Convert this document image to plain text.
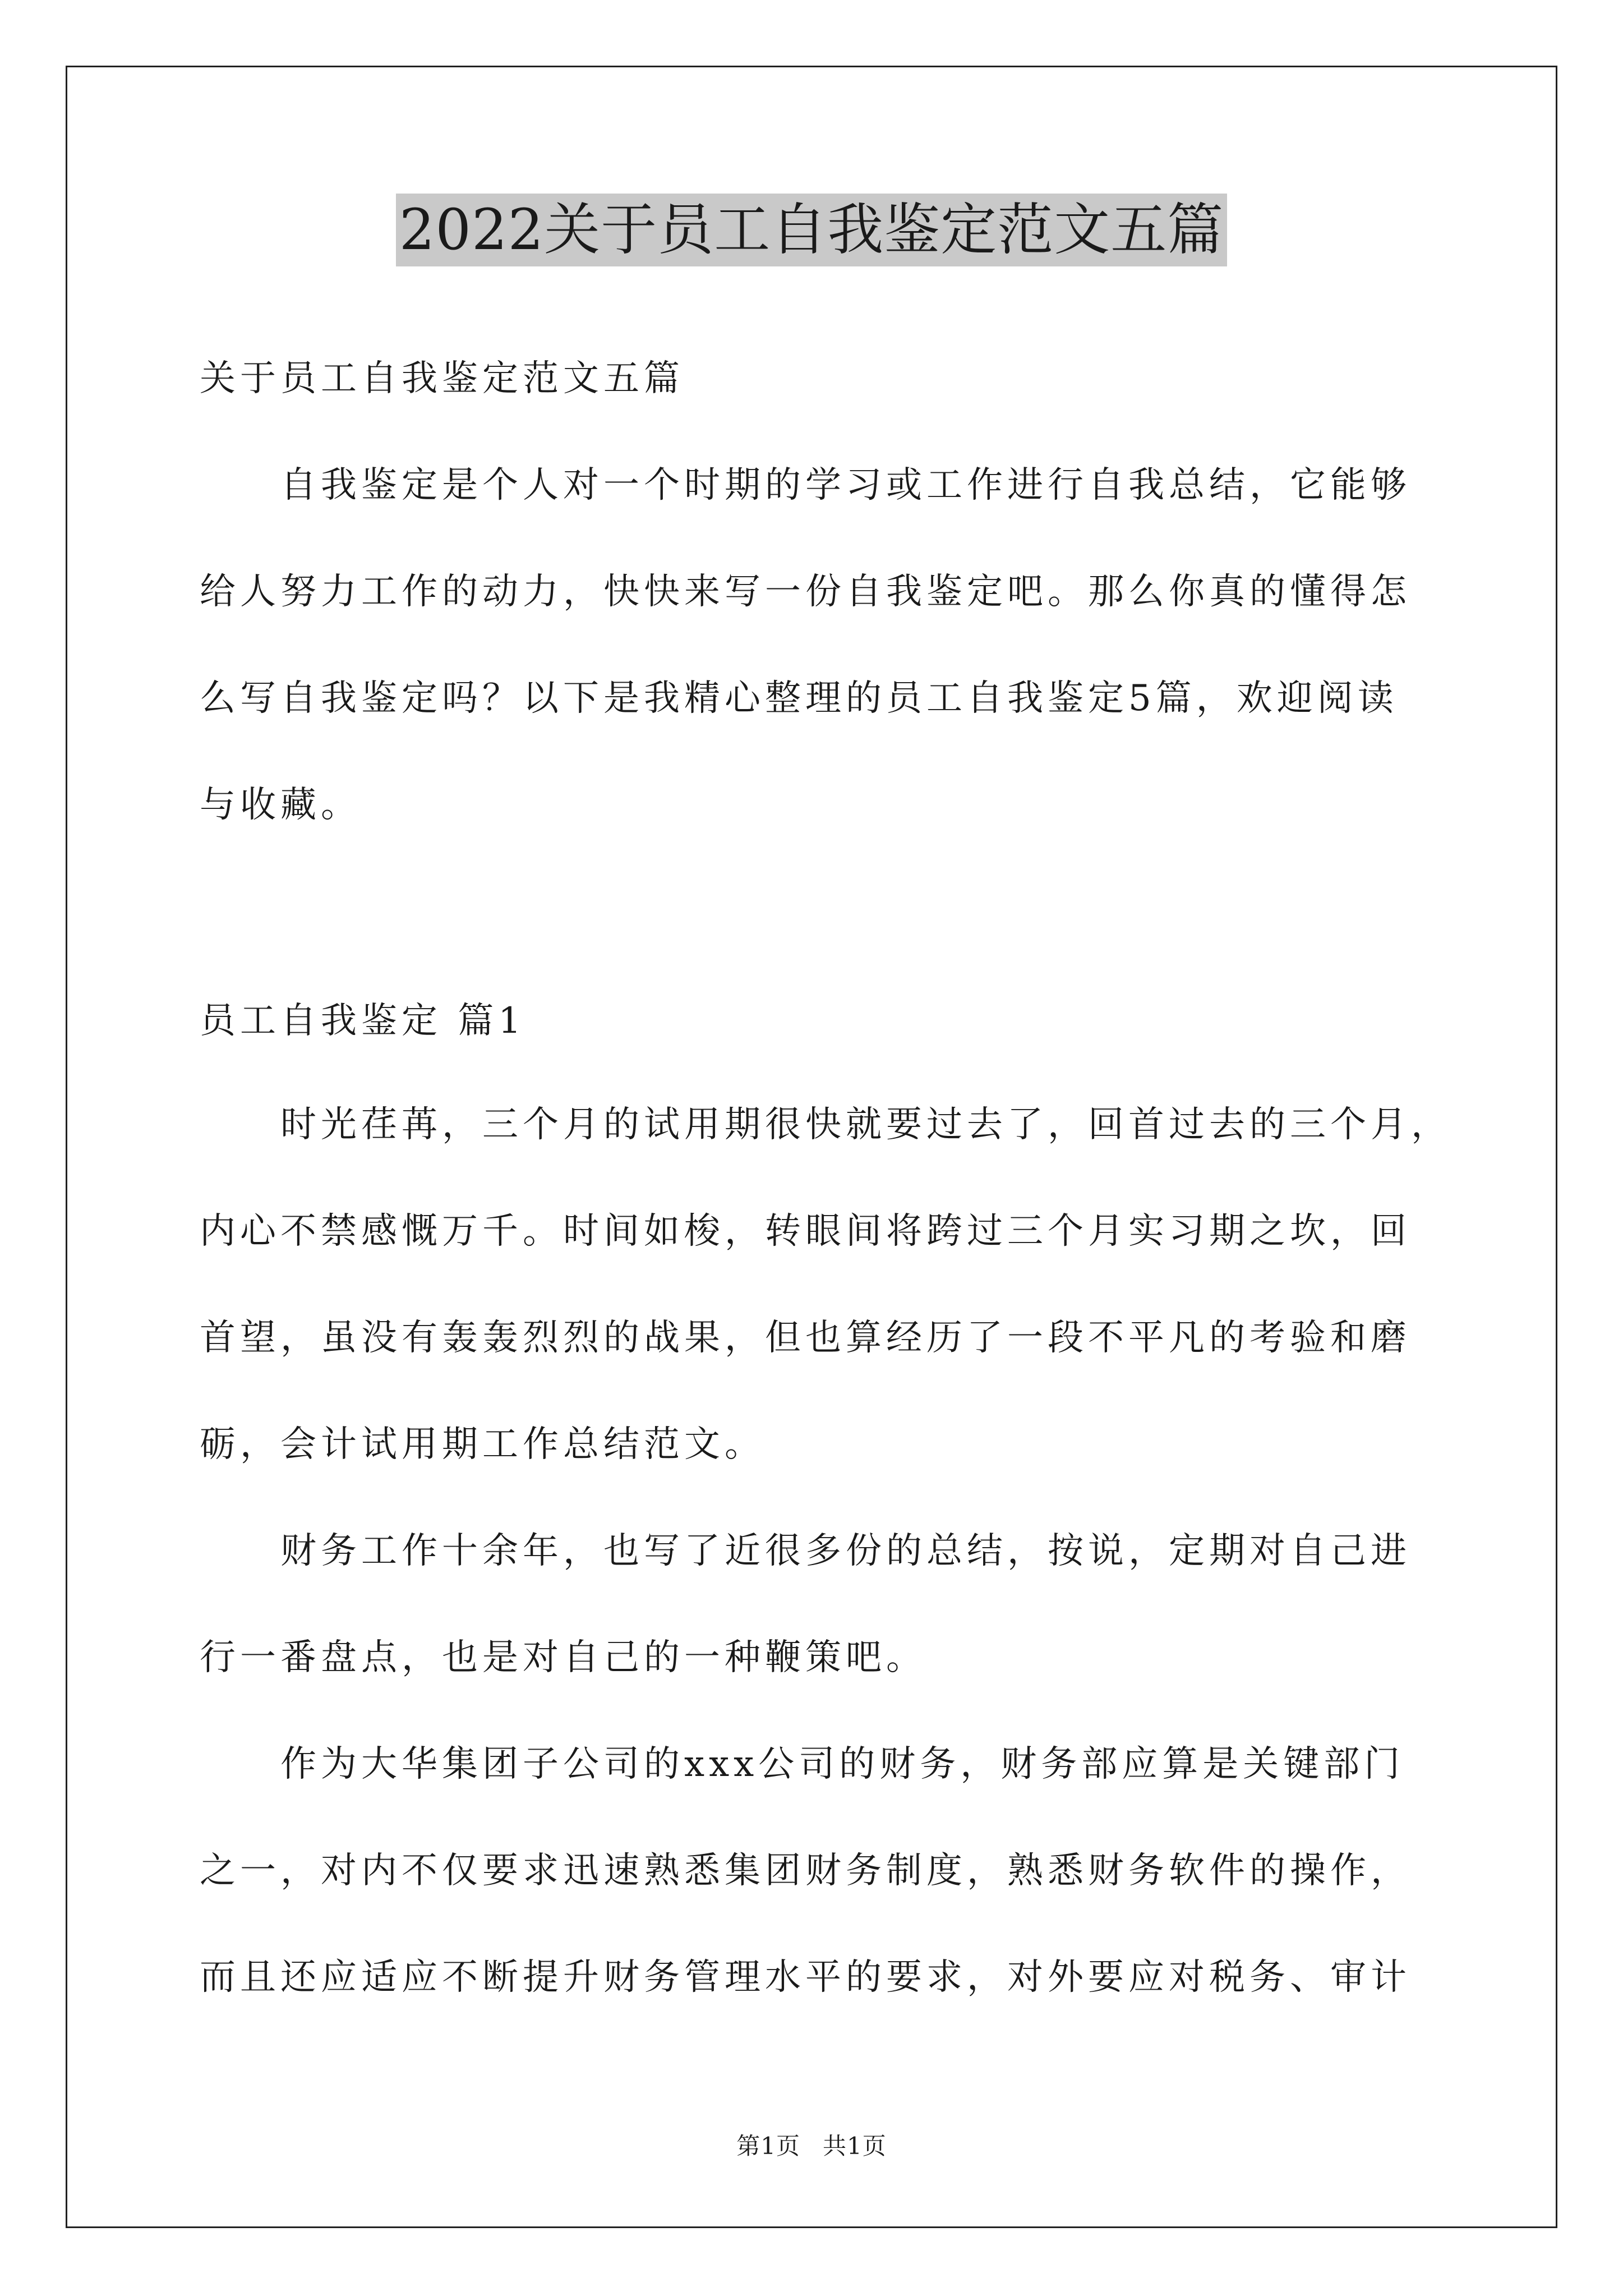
2022关于员工自我鉴定范文五篇
关于员工自我鉴定范文五篇
自我鉴定是个人对一个时期的学习或工作进行自我总结，它能够
给人努力工作的动力，快快来写一份自我鉴定吧。那么你真的懂得怎
么写自我鉴定吗？以下是我精心整理的员工自我鉴定5篇，欢迎阅读
与收藏。
员工自我鉴定 篇1
时光荏苒，三个月的试用期很快就要过去了，回首过去的三个月，
内心不禁感慨万千。时间如梭，转眼间将跨过三个月实习期之坎，回
首望，虽没有轰轰烈烈的战果，但也算经历了一段不平凡的考验和磨
砺，会计试用期工作总结范文。
财务工作十余年，也写了近很多份的总结，按说，定期对自己进
行一番盘点，也是对自己的一种鞭策吧。
作为大华集团子公司的xxx公司的财务，财务部应算是关键部门
之一，对内不仅要求迅速熟悉集团财务制度，熟悉财务软件的操作，
而且还应适应不断提升财务管理水平的要求，对外要应对税务、审计
第1页 共1页
